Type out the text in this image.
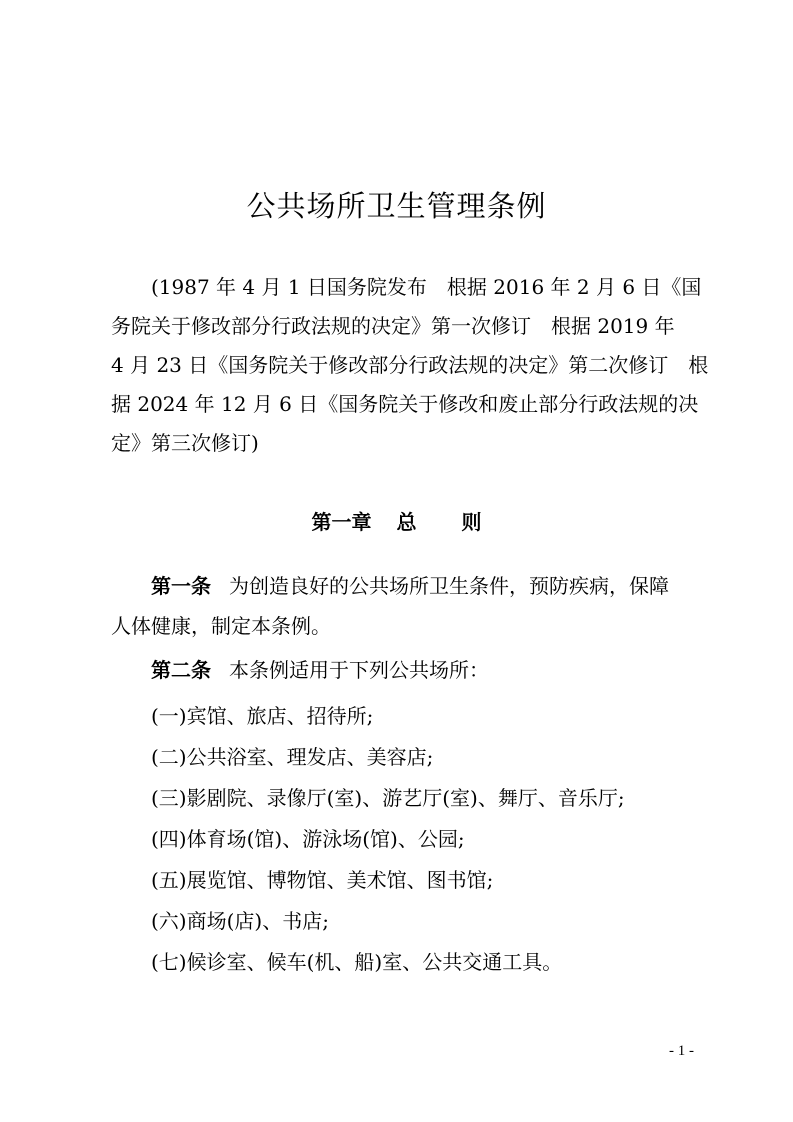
公共场所卫生管理条例
(1987 年 4 月 1 日国务院发布　根据 2016 年 2 月 6 日《国
务院关于修改部分行政法规的决定》第一次修订　根据 2019 年
4 月 23 日《国务院关于修改部分行政法规的决定》第二次修订　根
据 2024 年 12 月 6 日《国务院关于修改和废止部分行政法规的决
定》第三次修订)
第一章 总　 则
第一条 为创造良好的公共场所卫生条件，预防疾病，保障
人体健康，制定本条例。
第二条 本条例适用于下列公共场所：
(一)宾馆、旅店、招待所;
(二)公共浴室、理发店、美容店;
(三)影剧院、录像厅(室)、游艺厅(室)、舞厅、音乐厅;
(四)体育场(馆)、游泳场(馆)、公园;
(五)展览馆、博物馆、美术馆、图书馆;
(六)商场(店)、书店;
(七)候诊室、候车(机、船)室、公共交通工具。
- 1 -
